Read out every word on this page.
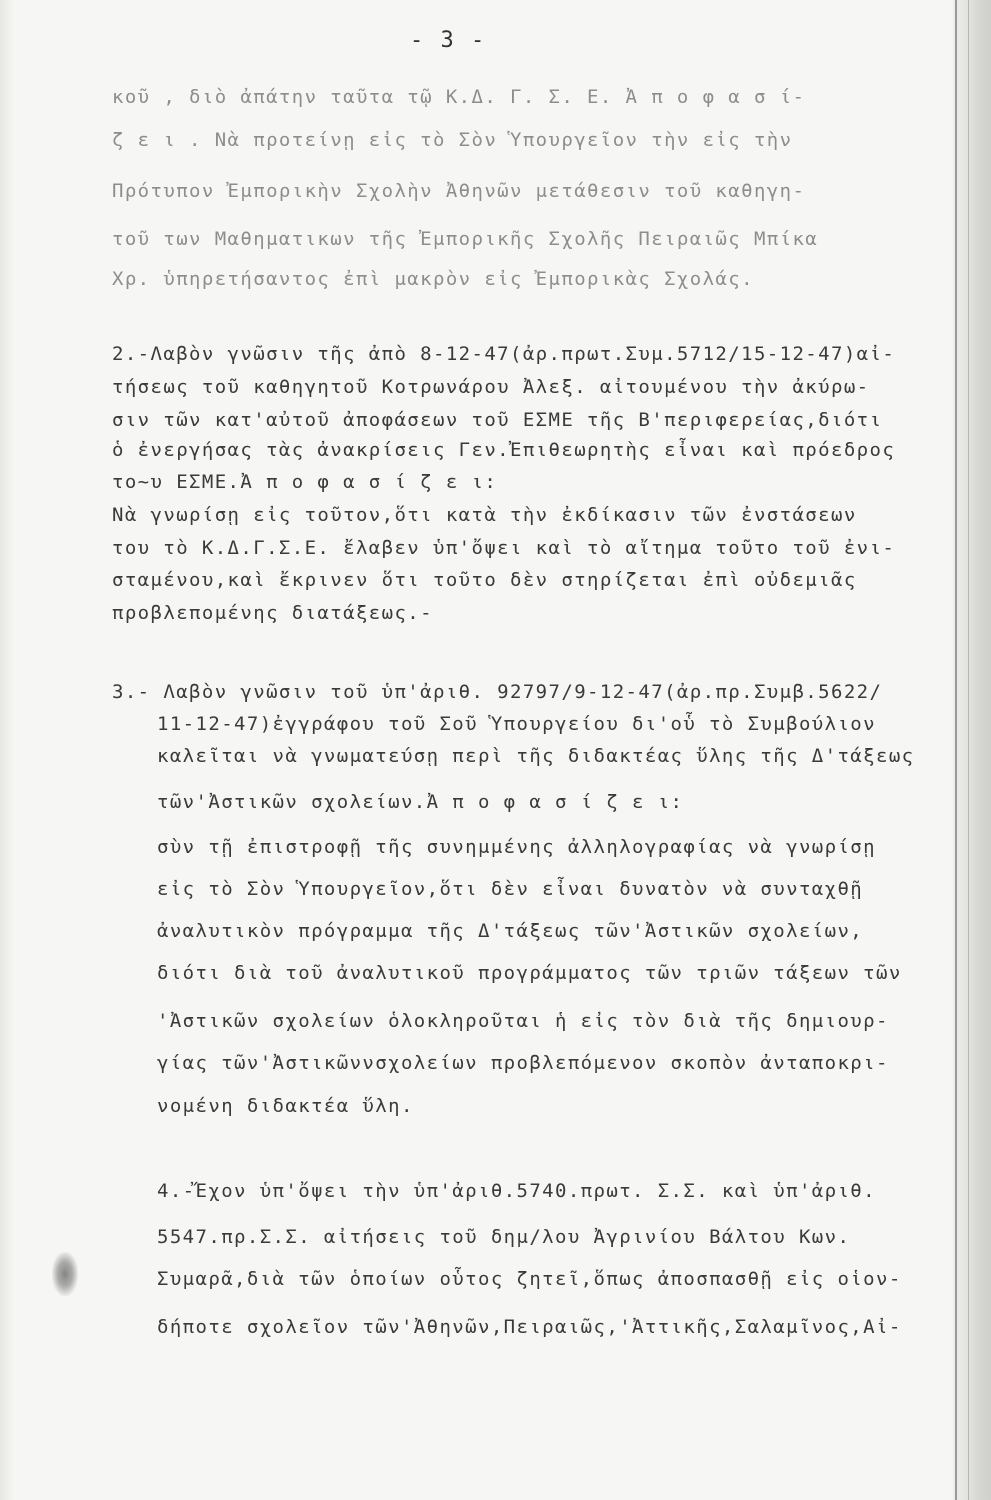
- 3 -
κοῦ , διὸ ἀπάτην ταῦτα τῷ Κ.Δ. Γ. Σ. Ε. Ἀ π ο φ α σ ί-
ζ ε ι . Νὰ προτείνῃ εἰς τὸ Σὸν Ὑπουργεῖον τὴν εἰς τὴν
Πρότυπον Ἐμπορικὴν Σχολὴν Ἀθηνῶν μετάθεσιν τοῦ καθηγη-
τοῦ των Μαθηματικων τῆς Ἐμπορικῆς Σχολῆς Πειραιῶς Μπίκα
Χρ. ὑπηρετήσαντος ἐπὶ μακρὸν εἰς Ἐμπορικὰς Σχολάς.
2.-Λαβὸν γνῶσιν τῆς ἀπὸ 8-12-47(ἀρ.πρωτ.Συμ.5712/15-12-47)αἰ-
τήσεως τοῦ καθηγητοῦ Κοτρωνάρου Ἀλεξ. αἰτουμένου τὴν ἀκύρω-
σιν τῶν κατ'αὐτοῦ ἀποφάσεων τοῦ ΕΣΜΕ τῆς Β'περιφερείας,διότι
ὁ ἐνεργήσας τὰς ἀνακρίσεις Γεν.Ἐπιθεωρητὴς εἶναι καὶ πρόεδρος
το~υ ΕΣΜΕ.Ἀ π ο φ α σ ί ζ ε ι:
Νὰ γνωρίσῃ εἰς τοῦτον,ὅτι κατὰ τὴν ἐκδίκασιν τῶν ἐνστάσεων
του τὸ Κ.Δ.Γ.Σ.Ε. ἔλαβεν ὑπ'ὄψει καὶ τὸ αἴτημα τοῦτο τοῦ ἐνι-
σταμένου,καὶ ἔκρινεν ὅτι τοῦτο δὲν στηρίζεται ἐπὶ οὐδεμιᾶς
προβλεπομένης διατάξεως.-
3.- Λαβὸν γνῶσιν τοῦ ὑπ'ἀριθ. 92797/9-12-47(ἀρ.πρ.Συμβ.5622/
11-12-47)ἐγγράφου τοῦ Σοῦ Ὑπουργείου δι'οὗ τὸ Συμβούλιον
καλεῖται νὰ γνωματεύσῃ περὶ τῆς διδακτέας ὕλης τῆς Δ'τάξεως
τῶν'Ἀστικῶν σχολείων.Ἀ π ο φ α σ ί ζ ε ι:
σὺν τῇ ἐπιστροφῇ τῆς συνημμένης ἀλληλογραφίας νὰ γνωρίσῃ
εἰς τὸ Σὸν Ὑπουργεῖον,ὅτι δὲν εἶναι δυνατὸν νὰ συνταχθῇ
ἀναλυτικὸν πρόγραμμα τῆς Δ'τάξεως τῶν'Ἀστικῶν σχολείων,
διότι διὰ τοῦ ἀναλυτικοῦ προγράμματος τῶν τριῶν τάξεων τῶν
'Ἀστικῶν σχολείων ὁλοκληροῦται ἡ εἰς τὸν διὰ τῆς δημιουρ-
γίας τῶν'Ἀστικῶννσχολείων προβλεπόμενον σκοπὸν ἀνταποκρι-
νομένη διδακτέα ὕλη.
4.-Ἔχον ὑπ'ὄψει τὴν ὑπ'ἀριθ.5740.πρωτ. Σ.Σ. καὶ ὑπ'ἀριθ.
5547.πρ.Σ.Σ. αἰτήσεις τοῦ δημ/λου Ἀγρινίου Βάλτου Κων.
Συμαρᾶ,διὰ τῶν ὁποίων οὗτος ζητεῖ,ὅπως ἀποσπασθῇ εἰς οἱον-
δήποτε σχολεῖον τῶν'Ἀθηνῶν,Πειραιῶς,'Ἀττικῆς,Σαλαμῖνος,Αἰ-
